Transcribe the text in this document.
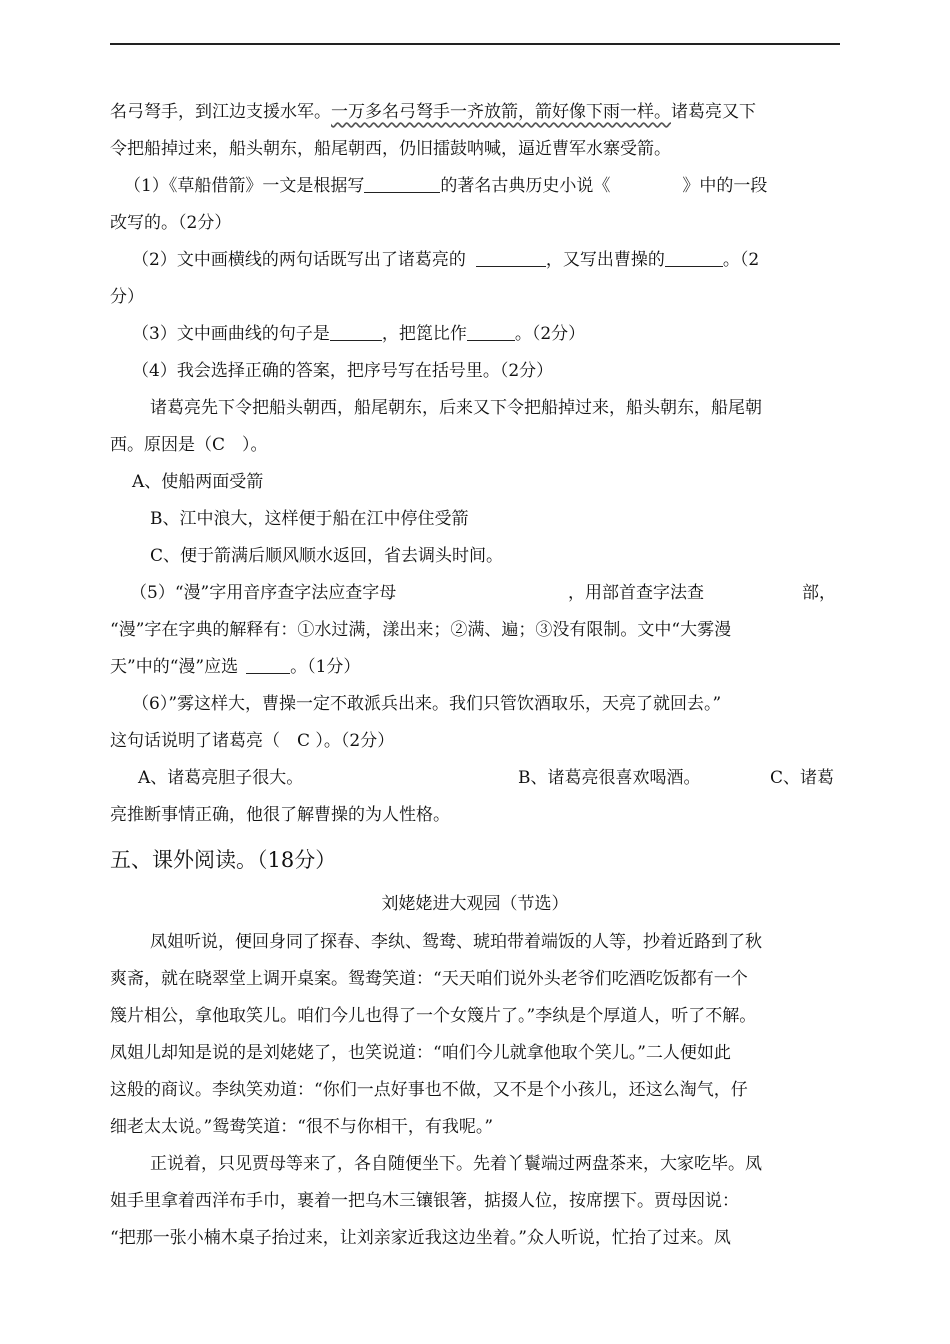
名弓弩手，到江边支援水军。一万多名弓弩手一齐放箭，箭好像下雨一样。诸葛亮又下
令把船掉过来，船头朝东，船尾朝西，仍旧擂鼓呐喊，逼近曹军水寨受箭。
（1）《草船借箭》一文是根据写	的著名古典历史小说《	》中的一段
改写的。（2分）
（2）文中画横线的两句话既写出了诸葛亮的	，又写出曹操的	。（2
分）
（3）文中画曲线的句子是	，把箆比作	。（2分）
（4）我会选择正确的答案，把序号写在括号里。（2分）
诸葛亮先下令把船头朝西，船尾朝东，后来又下令把船掉过来，船头朝东，船尾朝
西。原因是（C　）。
A、使船两面受箭
B、江中浪大，这样便于船在江中停住受箭
C、便于箭满后顺风顺水返回，省去调头时间。
（5）“漫”字用音序查字法应查字母	，用部首查字法查	部，
“漫”字在字典的解释有：①水过满，漾出来；②满、遍；③没有限制。文中“大雾漫
天”中的“漫”应选	。（1分）
（6）”雾这样大，曹操一定不敢派兵出来。我们只管饮酒取乐，天亮了就回去。”
这句话说明了诸葛亮（　C ）。（2分）
A、诸葛亮胆子很大。	B、诸葛亮很喜欢喝酒。	C、诸葛
亮推断事情正确，他很了解曹操的为人性格。
五、课外阅读。（18分）
刘姥姥进大观园（节选）
凤姐听说，便回身同了探春、李纨、鸳鸯、琥珀带着端饭的人等，抄着近路到了秋
爽斋，就在晓翠堂上调开桌案。鸳鸯笑道：“天天咱们说外头老爷们吃酒吃饭都有一个
篾片相公，拿他取笑儿。咱们今儿也得了一个女篾片了。”李纨是个厚道人，听了不解。
凤姐儿却知是说的是刘姥姥了，也笑说道：“咱们今儿就拿他取个笑儿。”二人便如此
这般的商议。李纨笑劝道：“你们一点好事也不做，又不是个小孩儿，还这么淘气，仔
细老太太说。”鸳鸯笑道：“很不与你相干，有我呢。”
正说着，只见贾母等来了，各自随便坐下。先着丫鬟端过两盘茶来，大家吃毕。凤
姐手里拿着西洋布手巾，裹着一把乌木三镶银箸，掂掇人位，按席摆下。贾母因说：
“把那一张小楠木桌子抬过来，让刘亲家近我这边坐着。”众人听说，忙抬了过来。凤
